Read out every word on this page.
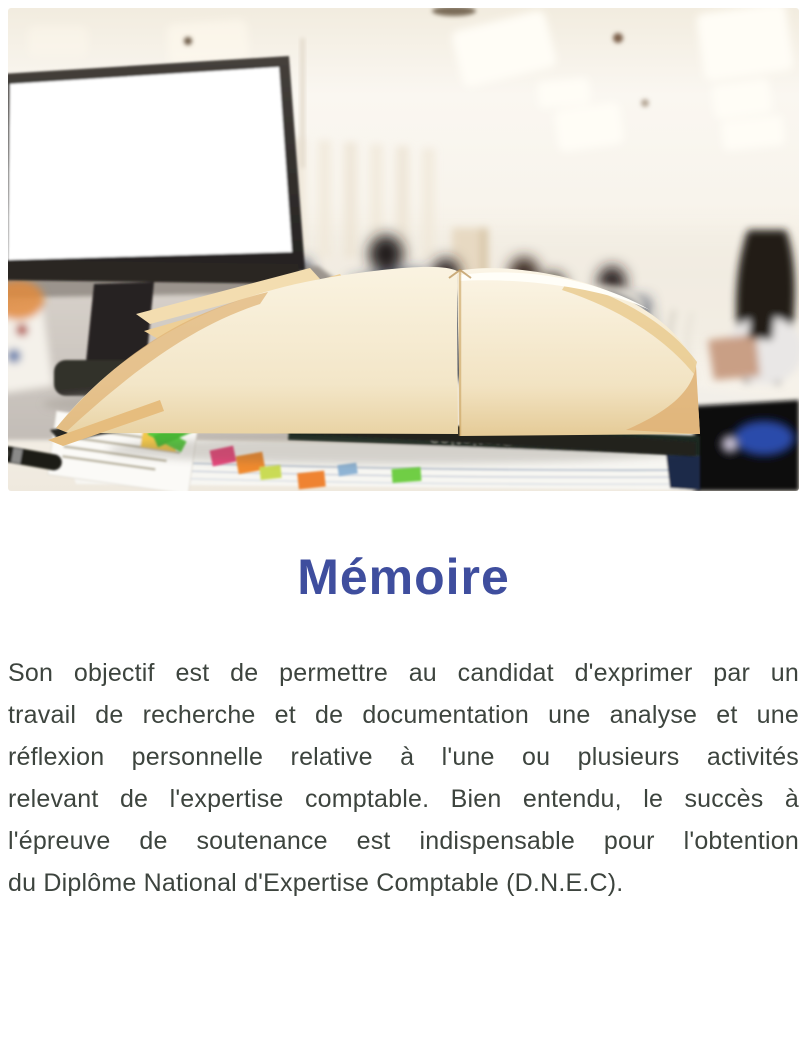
Mémoire

Son objectif est de permettre au candidat d'exprimer par un
travail de recherche et de documentation une analyse et une
réflexion personnelle relative à l'une ou plusieurs activités
relevant de l'expertise comptable. Bien entendu, le succès à
l'épreuve de soutenance est indispensable pour l'obtention
du Diplôme National d'Expertise Comptable (D.N.E.C).
